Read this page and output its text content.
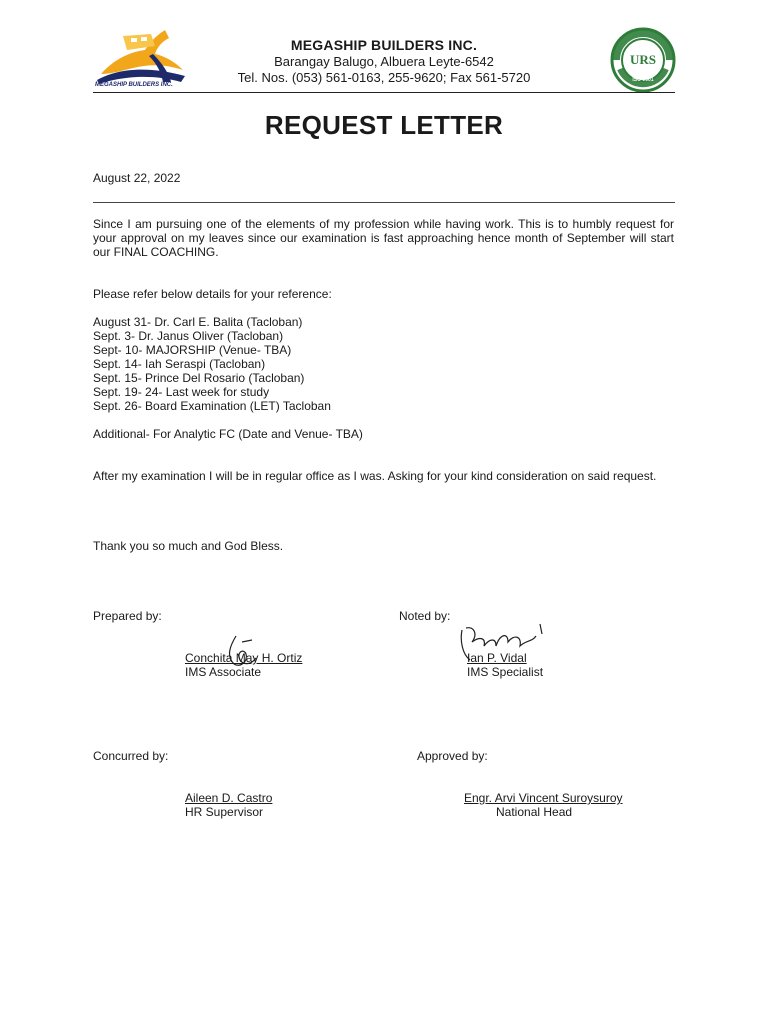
MEGASHIP BUILDERS INC.
URS
ISO 9001
MEGASHIP BUILDERS INC.
Barangay Balugo, Albuera Leyte-6542
Tel. Nos. (053) 561-0163, 255-9620; Fax 561-5720
REQUEST LETTER
August 22, 2022
Since I am pursuing one of the elements of my profession while having work. This is to humbly request for your approval on my leaves since our examination is fast approaching hence month of September will start our FINAL COACHING.
Please refer below details for your reference:
August 31- Dr. Carl E. Balita (Tacloban)
Sept. 3- Dr. Janus Oliver (Tacloban)
Sept- 10- MAJORSHIP (Venue- TBA)
Sept. 14- Iah Seraspi (Tacloban)
Sept. 15- Prince Del Rosario (Tacloban)
Sept. 19- 24- Last week for study
Sept. 26- Board Examination (LET) Tacloban
Additional- For Analytic FC (Date and Venue- TBA)
After my examination I will be in regular office as I was. Asking for your kind consideration on said request.
Thank you so much and God Bless.
Prepared by:
Conchita May H. Ortiz
IMS Associate
Noted by:
Ian P. Vidal
IMS Specialist
Concurred by:
Aileen D. Castro
HR Supervisor
Approved by:
Engr. Arvi Vincent Suroysuroy
National Head
